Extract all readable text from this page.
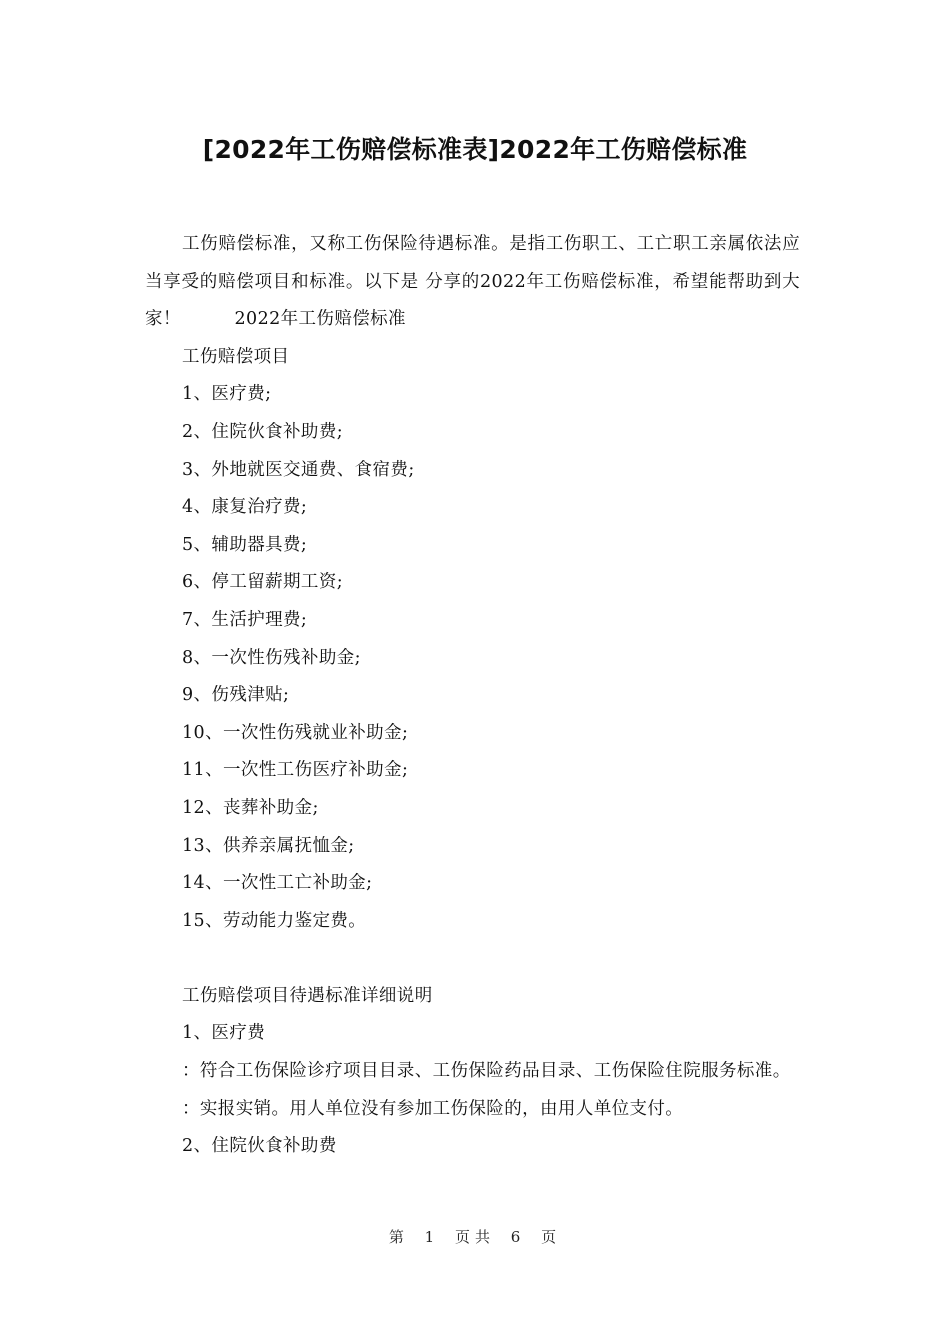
[2022年工伤赔偿标准表]2022年工伤赔偿标准

工伤赔偿标准，又称工伤保险待遇标准。是指工伤职工、工亡职工亲属依法应当享受的赔偿项目和标准。以下是 分享的2022年工伤赔偿标准，希望能帮助到大家！　　　2022年工伤赔偿标准

工伤赔偿项目

1、医疗费;

2、住院伙食补助费;

3、外地就医交通费、食宿费;

4、康复治疗费;

5、辅助器具费;

6、停工留薪期工资;

7、生活护理费;

8、一次性伤残补助金;

9、伤残津贴;

10、一次性伤残就业补助金;

11、一次性工伤医疗补助金;

12、丧葬补助金;

13、供养亲属抚恤金;

14、一次性工亡补助金;

15、劳动能力鉴定费。

工伤赔偿项目待遇标准详细说明

1、医疗费

：符合工伤保险诊疗项目目录、工伤保险药品目录、工伤保险住院服务标准。

：实报实销。用人单位没有参加工伤保险的，由用人单位支付。

2、住院伙食补助费

第 1 页共 6 页
